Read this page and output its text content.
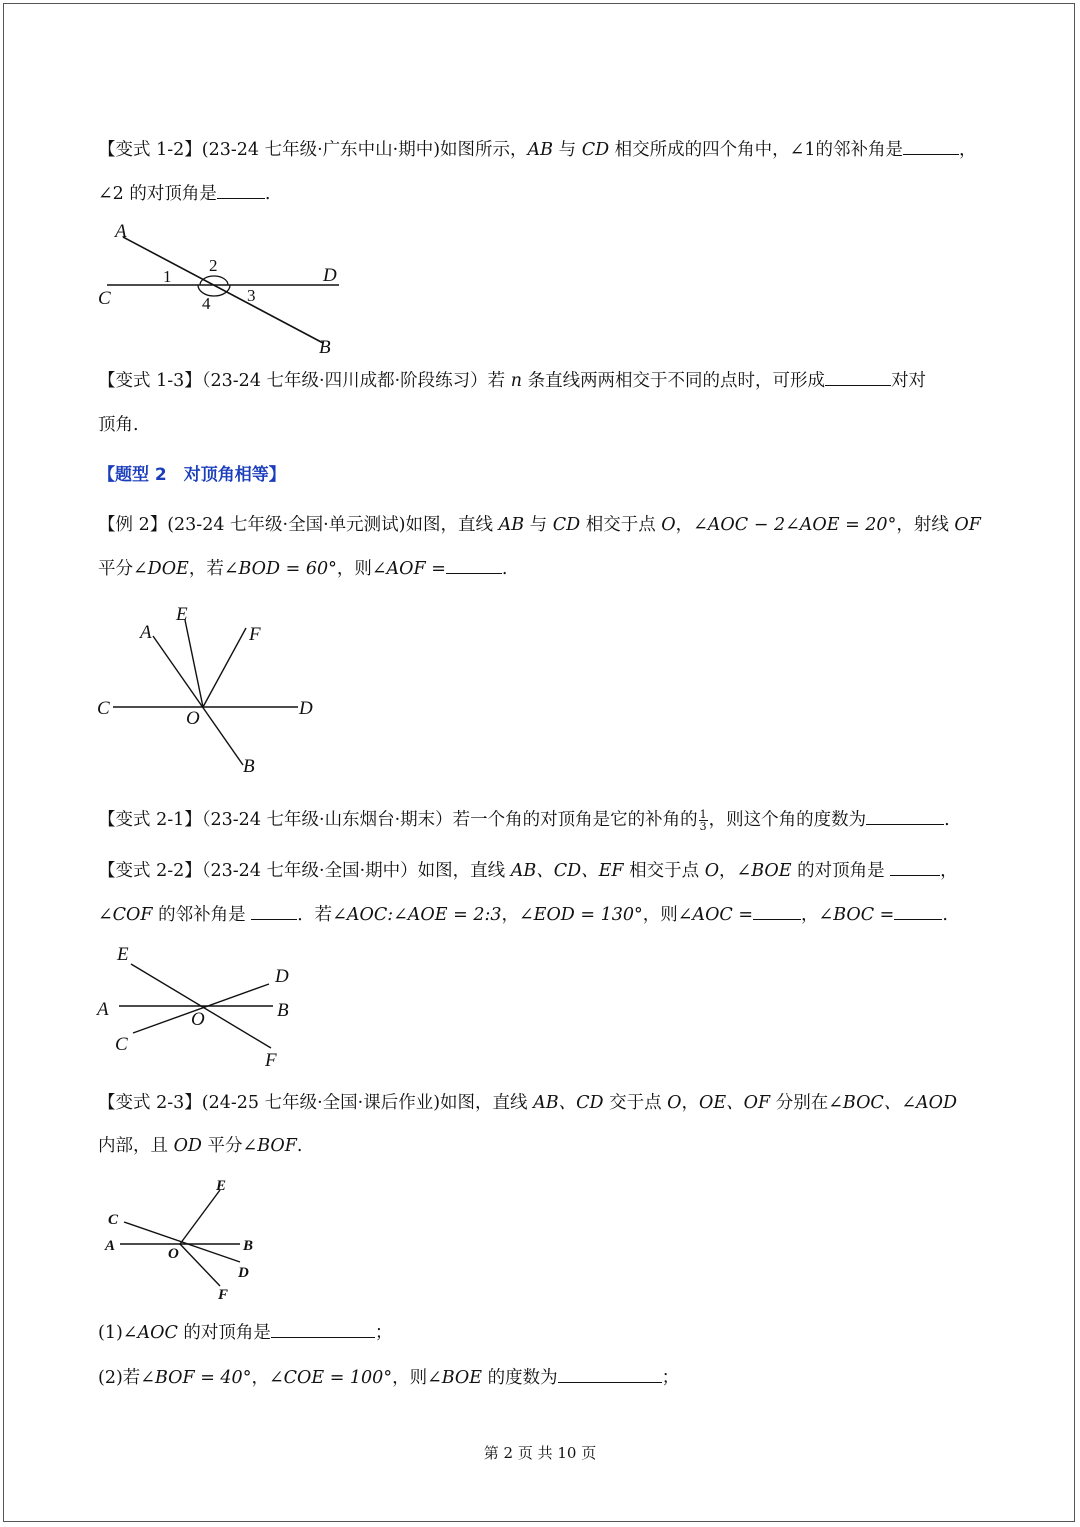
【变式 1-2】(23-24 七年级·广东中山·期中)如图所示，AB 与 CD 相交所成的四个角中，∠1的邻补角是	，
∠2 的对顶角是	.
A
B
C
D
1
2
3
4
【变式 1-3】（23-24 七年级·四川成都·阶段练习）若 n 条直线两两相交于不同的点时，可形成	对对
顶角.
【题型 2　对顶角相等】
【例 2】(23-24 七年级·全国·单元测试)如图，直线 AB 与 CD 相交于点 O，∠AOC − 2∠AOE = 20°，射线 OF
平分∠DOE，若∠BOD = 60°，则∠AOF =	.
A
B
C	D
E
F
O
【变式 2-1】（23-24 七年级·山东烟台·期末）若一个角的对顶角是它的补角的 $\frac{1}{3}$ ，则这个角的度数为	.
【变式 2-2】（23-24 七年级·全国·期中）如图，直线 AB、CD、EF 相交于点 O，∠BOE 的对顶角是	，
∠COF 的邻补角是	．若∠AOC:∠AOE = 2:3，∠EOD = 130°，则∠AOC =	，∠BOC =	.
A	B
C
D
E
F
O
【变式 2-3】(24-25 七年级·全国·课后作业)如图，直线 AB、CD 交于点 O，OE、OF 分别在∠BOC、∠AOD
内部，且 OD 平分∠BOF.
A	B
C
D
E
F
O
(1)∠AOC 的对顶角是	；
(2)若∠BOF = 40°，∠COE = 100°，则∠BOE 的度数为	；
第 2 页 共 10 页
